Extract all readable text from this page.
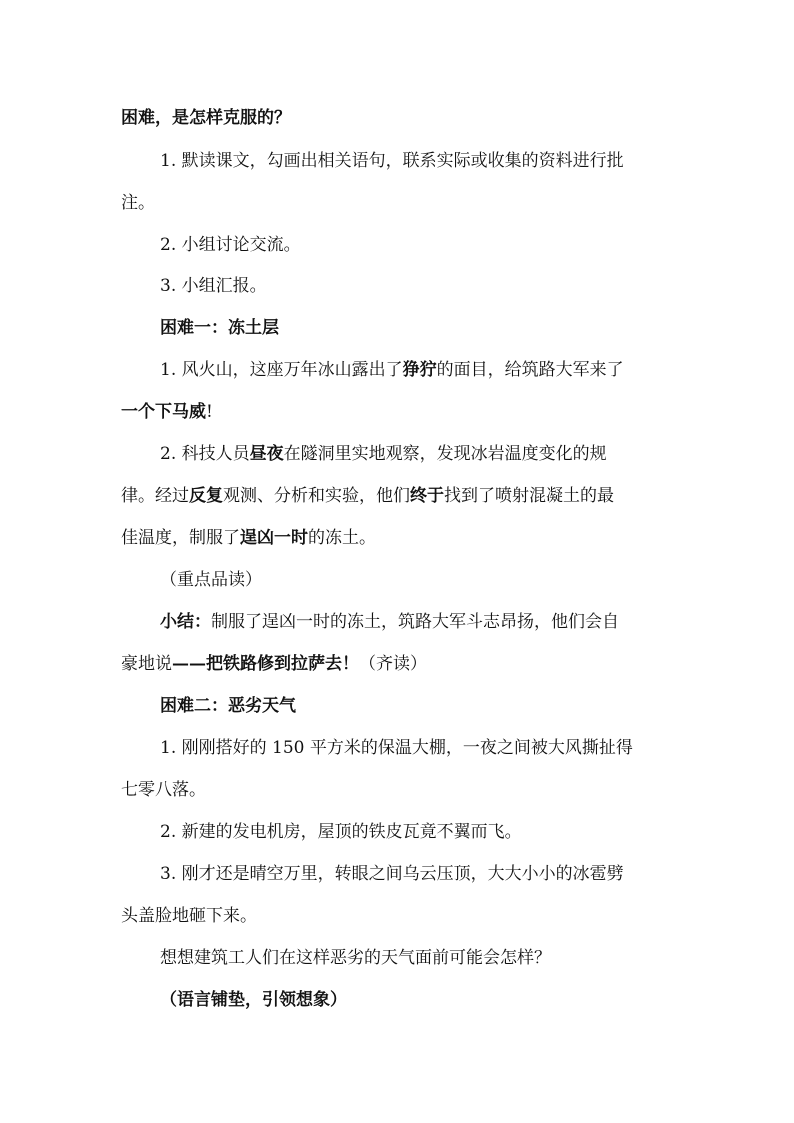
困难，是怎样克服的？
1. 默读课文，勾画出相关语句，联系实际或收集的资料进行批
注。
2. 小组讨论交流。
3. 小组汇报。
困难一：冻土层
1. 风火山，这座万年冰山露出了狰狞的面目，给筑路大军来了
一个下马威!
2. 科技人员昼夜在隧洞里实地观察，发现冰岩温度变化的规
律。经过反复观测、分析和实验，他们终于找到了喷射混凝土的最
佳温度，制服了逞凶一时的冻土。
（重点品读）
小结：制服了逞凶一时的冻土，筑路大军斗志昂扬，他们会自
豪地说——把铁路修到拉萨去！（齐读）
困难二：恶劣天气
1. 刚刚搭好的 150 平方米的保温大棚，一夜之间被大风撕扯得
七零八落。
2. 新建的发电机房，屋顶的铁皮瓦竟不翼而飞。
3. 刚才还是晴空万里，转眼之间乌云压顶，大大小小的冰雹劈
头盖脸地砸下来。
想想建筑工人们在这样恶劣的天气面前可能会怎样？
（语言铺垫，引领想象）
